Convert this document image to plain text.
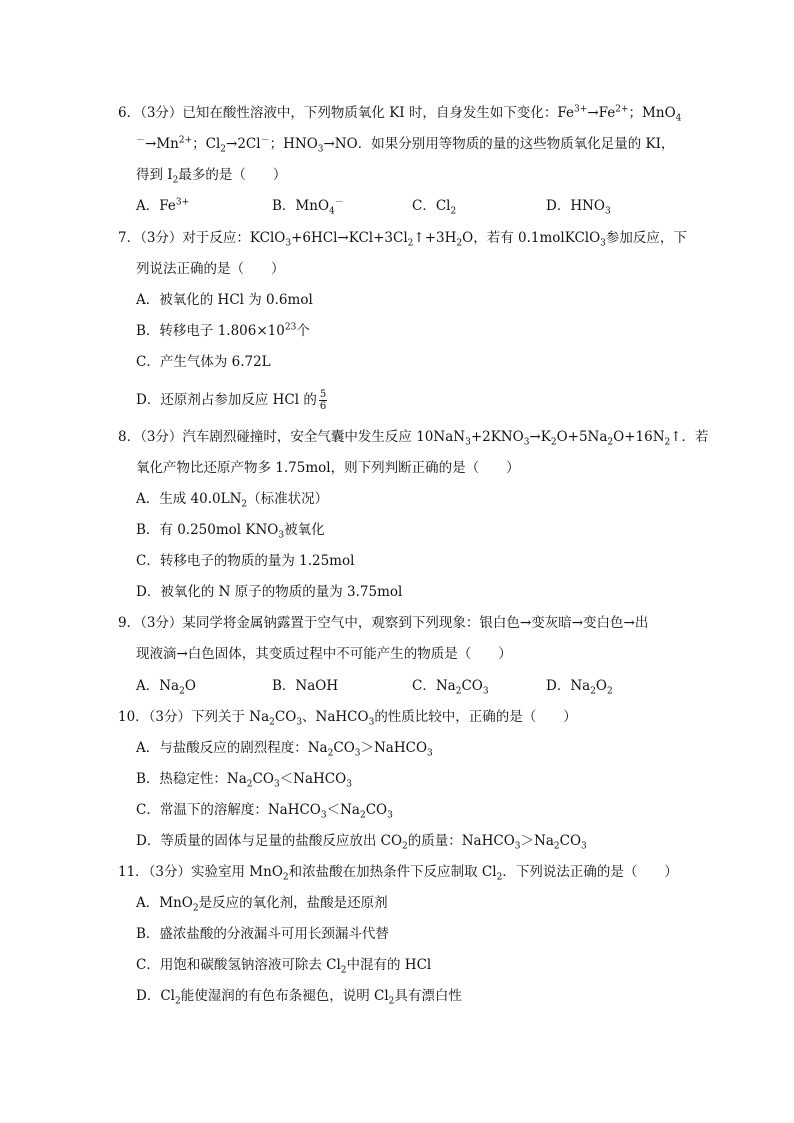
6．（3分）已知在酸性溶液中，下列物质氧化 KI 时，自身发生如下变化：$Fe^{3+}\to Fe^{2+}$；MnO$_4$
$^-\to Mn^{2+}$；$Cl_2\to 2Cl^-$；$HNO_3\to NO$．如果分别用等物质的量的这些物质氧化足量的 KI，
得到 $I_2$最多的是（　　）
A．$Fe^{3+}$	B．MnO$_4$－	C．$Cl_2$	D．$HNO_3$
7．（3分）对于反应：$KClO_3+6HCl\to KCl+3Cl_2↑+3H_2O$，若有 0.1molKClO$_3$参加反应，下
列说法正确的是（　　）
A．被氧化的 HCl 为 0.6mol
B．转移电子 $1.806\times 10^{23}$个
C．产生气体为 6.72L
D．还原剂占参加反应 HCl 的 $\frac{5}{6}$
8．（3分）汽车剧烈碰撞时，安全气囊中发生反应 $10NaN_3+2KNO_3\to K_2O+5Na_2O+16N_2↑$．若
氧化产物比还原产物多 1.75mol，则下列判断正确的是（　　）
A．生成 $40.0LN_2$（标准状况）
B．有 0.250mol $KNO_3$被氧化
C．转移电子的物质的量为 1.25mol
D．被氧化的 N 原子的物质的量为 3.75mol
9．（3分）某同学将金属钠露置于空气中，观察到下列现象：银白色→变灰暗→变白色→出
现液滴→白色固体，其变质过程中不可能产生的物质是（　　）
A．$Na_2O$	B．NaOH	C．$Na_2CO_3$	D．$Na_2O_2$
10．（3分）下列关于 $Na_2CO_3$、NaHCO$_3$的性质比较中，正确的是（　　）
A．与盐酸反应的剧烈程度：$Na_2CO_3>NaHCO_3$
B．热稳定性：$Na_2CO_3<NaHCO_3$
C．常温下的溶解度：$NaHCO_3<Na_2CO_3$
D．等质量的固体与足量的盐酸反应放出 $CO_2$的质量：$NaHCO_3>Na_2CO_3$
11．（3分）实验室用 MnO$_2$和浓盐酸在加热条件下反应制取 $Cl_2$．下列说法正确的是（　　）
A．MnO$_2$是反应的氧化剂，盐酸是还原剂
B．盛浓盐酸的分液漏斗可用长颈漏斗代替
C．用饱和碳酸氢钠溶液可除去 $Cl_2$中混有的 HCl
D．$Cl_2$能使湿润的有色布条褪色，说明 $Cl_2$具有漂白性
